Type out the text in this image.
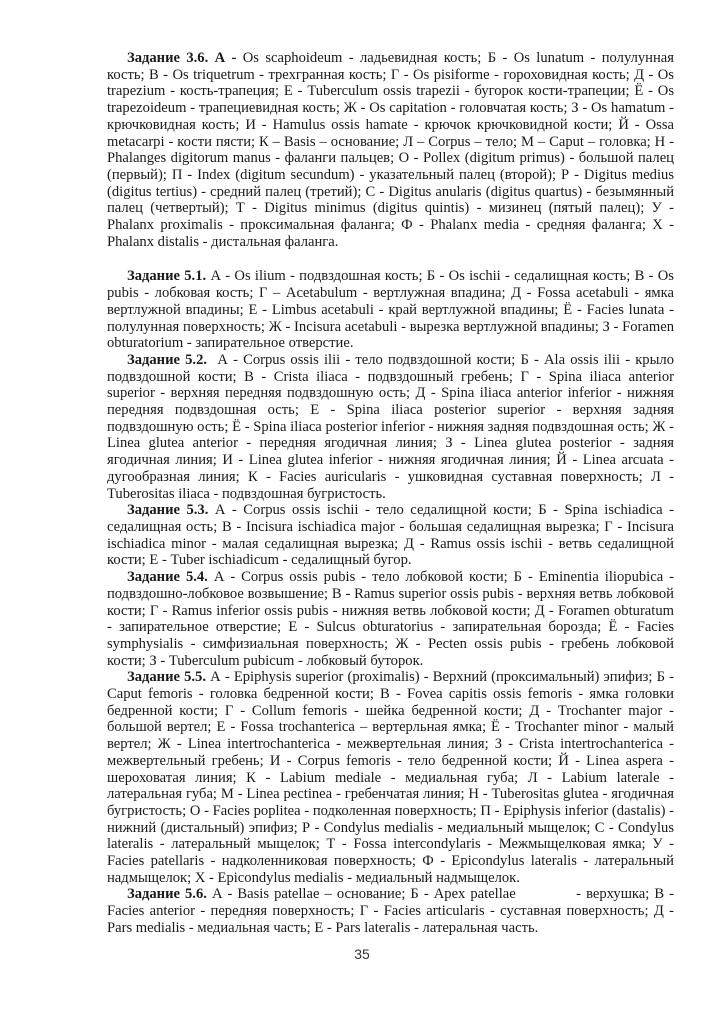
Задание 3.6. А - Os scaphoideum - ладьевидная кость; Б - Os lunatum - полулунная кость; В - Os triquetrum - трехгранная кость; Г - Os pisiforme - гороховидная кость; Д - Os trapezium - кость-трапеция; Е - Tuberculum ossis trapezii - бугорок кости-трапеции; Ё - Os trapezoideum - трапециевидная кость; Ж - Os capitation - головчатая кость; З - Os hamatum - крючковидная кость; И - Hamulus ossis hamate - крючок крючковидной кости; Й - Ossa metacarpi - кости пясти; К – Basis – основание; Л – Corpus – тело; М – Caput – головка; Н - Phalanges digitorum manus - фаланги пальцев; О - Pollex (digitum primus) - большой палец (первый); П - Index (digitum secundum) - указательный палец (второй); Р - Digitus medius (digitus tertius) - средний палец (третий); С - Digitus anularis (digitus quartus) - безымянный палец (четвертый); Т - Digitus minimus (digitus quintis) - мизинец (пятый палец); У - Phalanx proximalis - проксимальная фаланга; Ф - Phalanx media - средняя фаланга; Х - Phalanx distalis - дистальная фаланга.

Задание 5.1. А - Os ilium - подвздошная кость; Б - Os ischii - седалищная кость; В - Os pubis - лобковая кость; Г – Acetabulum - вертлужная впадина; Д - Fossa acetabuli - ямка вертлужной впадины; Е - Limbus acetabuli - край вертлужной впадины; Ё - Facies lunata - полулунная поверхность; Ж - Incisura acetabuli - вырезка вертлужной впадины; З - Foramen obturatorium - запирательное отверстие.

Задание 5.2.  А - Corpus ossis ilii - тело подвздошной кости; Б - Ala ossis ilii - крыло подвздошной кости; В - Crista iliaca - подвздошный гребень; Г - Spina iliaca anterior superior - верхняя передняя подвздошную ость; Д - Spina iliaca anterior inferior - нижняя передняя подвздошная ость; Е - Spina iliaca posterior superior - верхняя задняя подвздошную ость; Ё - Spina iliaca posterior inferior - нижняя задняя подвздошная ость; Ж - Linea glutea anterior - передняя ягодичная линия; З - Linea glutea posterior - задняя ягодичная линия; И - Linea glutea inferior - нижняя ягодичная линия; Й - Linea arcuata - дугообразная линия; К - Facies auricularis - ушковидная суставная поверхность; Л - Tuberositas iliaca - подвздошная бугристость.

Задание 5.3. А - Corpus ossis ischii - тело седалищной кости; Б - Spina ischiadica - седалищная ость; В - Incisura ischiadica major - большая седалищная вырезка; Г - Incisura ischiadica minor - малая седалищная вырезка; Д - Ramus ossis ischii - ветвь седалищной кости; Е - Tuber ischiadicum - седалищный бугор.

Задание 5.4. А - Corpus ossis pubis - тело лобковой кости; Б - Eminentia iliopubica - подвздошно-лобковое возвышение; В - Ramus superior ossis pubis - верхняя ветвь лобковой кости; Г - Ramus inferior ossis pubis - нижняя ветвь лобковой кости; Д - Foramen obturatum - запирательное отверстие; Е - Sulcus obturatorius - запирательная борозда; Ё - Facies symphysialis - симфизиальная поверхность; Ж - Pecten ossis pubis - гребень лобковой кости; З - Tuberculum pubicum - лобковый буторок.

Задание 5.5. А - Epiphysis superior (proximalis) - Верхний (проксимальный) эпифиз; Б - Caput femoris - головка бедренной кости; В - Fovea capitis ossis femoris - ямка головки бедренной кости; Г - Collum femoris - шейка бедренной кости; Д - Trochanter major - большой вертел; Е - Fossa trochanterica – вертерльная ямка; Ё - Trochanter minor - малый вертел; Ж - Linea intertrochanterica - межвертельная линия; З - Crista intertrochanterica - межвертельный гребень; И - Corpus femoris - тело бедренной кости; Й - Linea aspera - шероховатая линия; К - Labium mediale - медиальная губа; Л - Labium laterale - латеральная губа; М - Linea pectinea - гребенчатая линия; Н - Tuberositas glutea - ягодичная бугристость; О - Facies poplitea - подколенная поверхность; П - Epiphysis inferior (dastalis) - нижний (дистальный) эпифиз; Р - Condylus medialis - медиальный мыщелок; С - Condylus lateralis - латеральный мыщелок; Т - Fossa intercondylaris - Межмыщелковая ямка; У - Facies patellaris - надколенниковая поверхность; Ф - Epicondylus lateralis - латеральный надмыщелок; Х - Epicondylus medialis - медиальный надмыщелок.

Задание 5.6. А - Basis patellae – основание; Б - Apex patellae            - верхушка; В - Facies anterior - передняя поверхность; Г - Facies articularis - суставная поверхность; Д - Pars medialis - медиальная часть; Е - Pars lateralis - латеральная часть.

35
